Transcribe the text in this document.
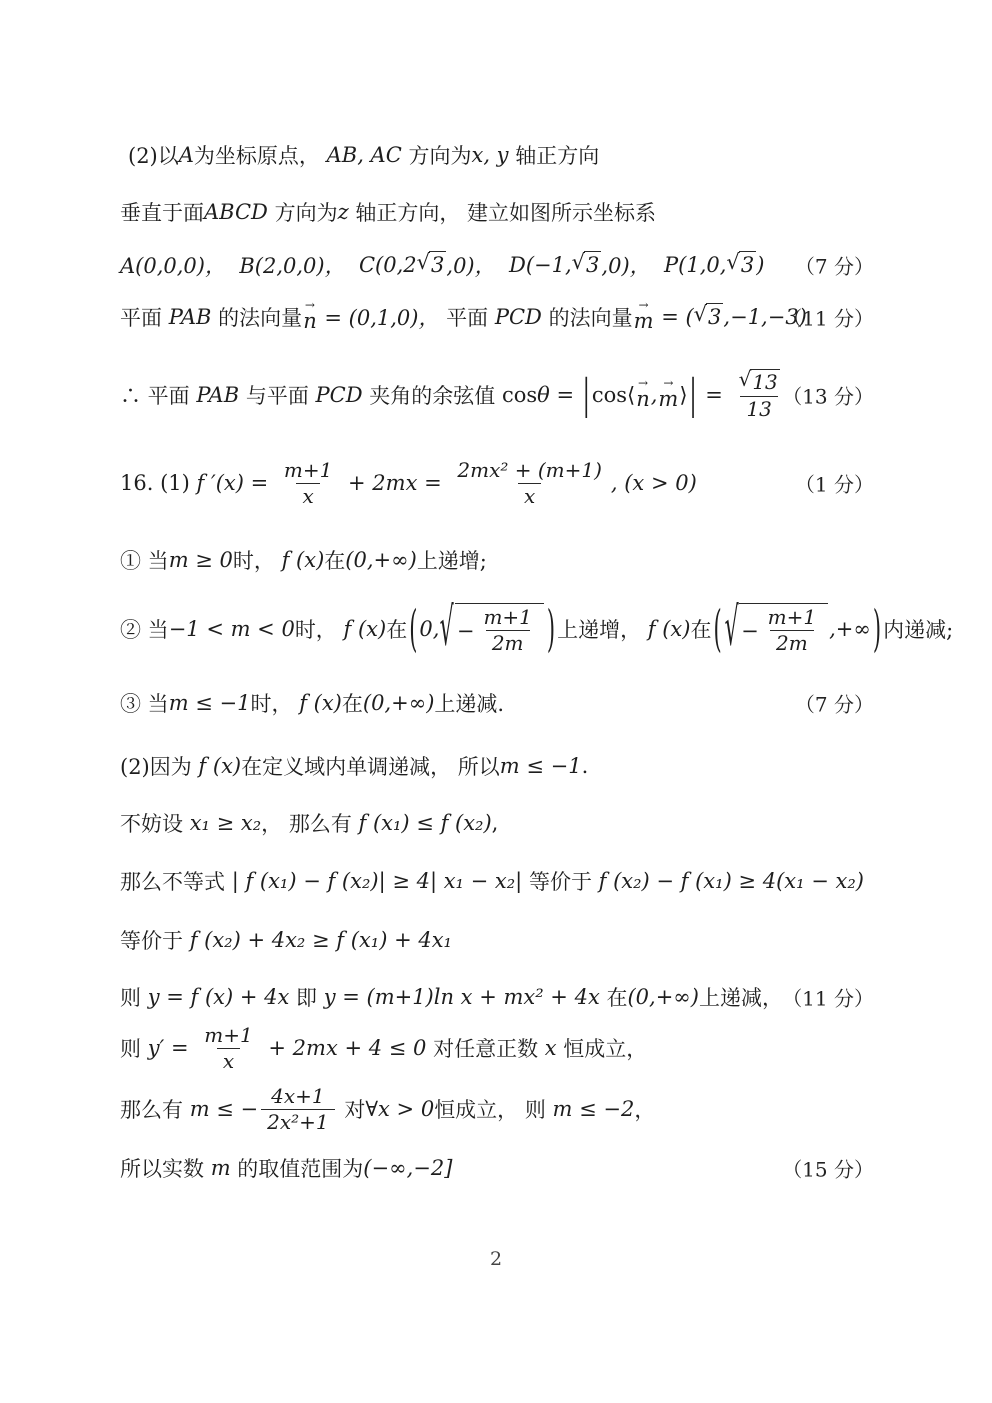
(2)以 A 为坐标原点， AB, AC 方向为 x, y 轴正方向
垂直于面 ABCD 方向为 z 轴正方向， 建立如图所示坐标系
A(0,0,0)， B(2,0,0)， C(0,2 √ 3 ,0)， D(−1, √ 3 ,0)， P(1,0, √ 3 ) （7 分）
平面 PAB 的法向量
→
n = (0,1,0)， 平面 PCD 的法向量
→
m = ( √ 3 ,−1,−3)
（11 分）
∴ 平面 PAB 与平面 PCD 夹角的余弦值 cos θ = | cos ⟨ →
n , →
m ⟩ | = $\frac{√ 13}{13}$
（13 分）
16. (1) f $'(x) = \frac{m+1}{x} + 2mx = \frac{\text{2mx² + (m+1)}}{x}$ , (x > 0)	（1 分）
① 当 m ≥ 0 时， f (x) 在 (0,+∞) 上递增;
② 当 −1 < m < 0 时， f (x) 在 ( 0, √ − $\frac{m+1}{2m}$ ) 上递增， f (x) 在 ( √ − $\frac{m+1}{2m}$ ,+∞ ) 内递减;
③ 当 m ≤ −1 时， f (x) 在 (0,+∞) 上递减.	（7 分）
(2)因为 f (x) 在定义域内单调递减， 所以 m ≤ −1 .
不妨设 x₁ ≥ x₂ ， 那么有 f (x₁) ≤ f (x₂) ,
那么不等式 | f (x₁) − f (x₂)| ≥ 4| x₁ − x₂| 等价于 f (x₂) − f (x₁) ≥ 4(x₁ − x₂)
等价于 f (x₂) + 4x₂ ≥ f (x₁) + 4x₁
则 y = f (x) + 4x 即 y = (m+1)ln x + mx² + 4x 在 (0,+∞) 上递减， （11 分）
则 $y' = \frac{m+1}{x} + 2mx + 4 \le 0$ 对任意正数 x 恒成立，
那么有 m ≤ − $\frac{4x+1}{\text{2x²+1}}$ 对 ∀x > 0 恒成立， 则 m ≤ −2 ，
所以实数 m 的取值范围为 (−∞,−2]	（15 分）
2
